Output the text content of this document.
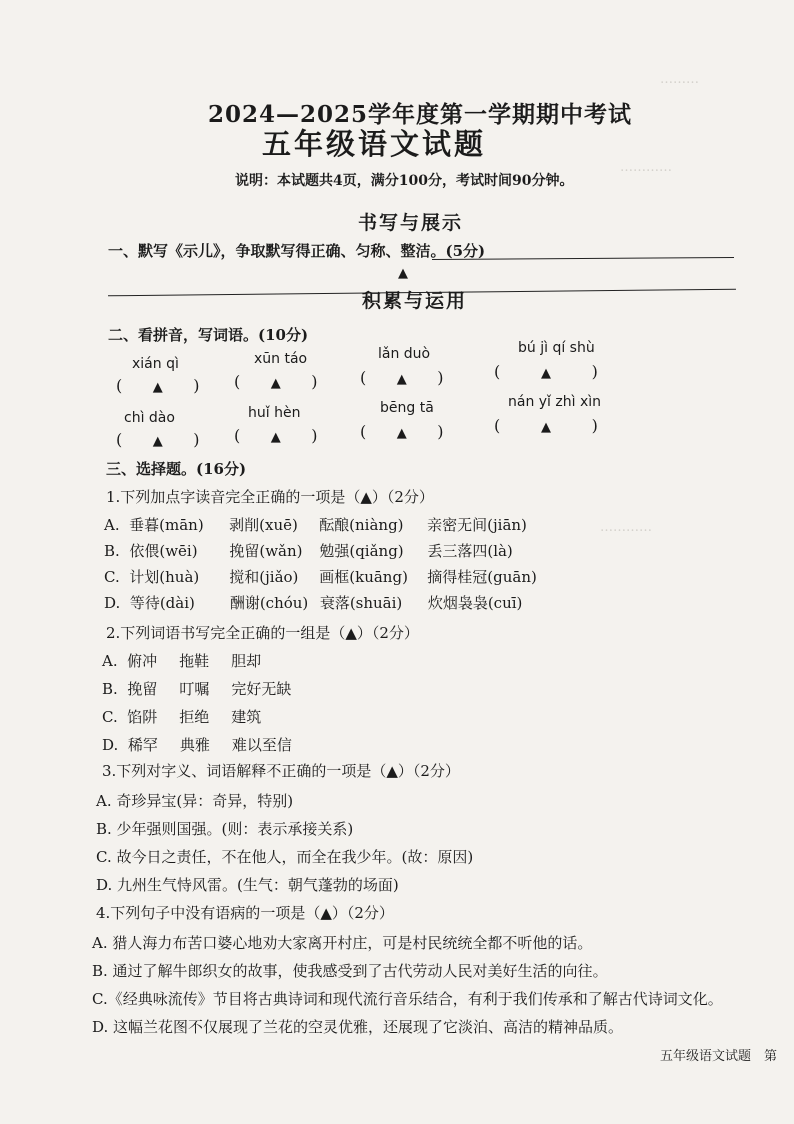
………
…………
…………
2024—2025学年度第一学期期中考试
五年级语文试题
说明：本试题共4页，满分100分，考试时间90分钟。
书写与展示
一、默写《示儿》，争取默写得正确、匀称、整洁。(5分)
▲
积累与运用
二、看拼音，写词语。(10分)
xián qì	xūn táo	lǎn duò	bú jì qí shù
(      ▲      ) (      ▲      )	(      ▲      )	(        ▲        )
chì dào	huǐ hèn	bēng tā	nán yǐ zhì xìn
(      ▲      ) (      ▲      )	(      ▲      )	(        ▲        )
三、选择题。(16分)
1.下列加点字读音完全正确的一项是（▲）（2分）
A. 垂暮(mān) 剥削(xuē) 酝酿(niàng) 亲密无间(jiān)
B. 依偎(wēi) 挽留(wǎn) 勉强(qiǎng) 丢三落四(là)
C. 计划(huà) 搅和(jiǎo) 画框(kuāng) 摘得桂冠(guān)
D. 等待(dài) 酬谢(chóu) 衰落(shuāi) 炊烟袅袅(cuī)
2.下列词语书写完全正确的一组是（▲）（2分）
A. 俯冲 拖鞋 胆却
B. 挽留 叮嘱 完好无缺
C. 馅阱 拒绝 建筑
D. 稀罕 典雅 难以至信
3.下列对字义、词语解释不正确的一项是（▲）（2分）
A. 奇珍异宝(异：奇异，特别)
B. 少年强则国强。(则：表示承接关系)
C. 故今日之责任，不在他人，而全在我少年。(故：原因)
D. 九州生气恃风雷。(生气：朝气蓬勃的场面)
4.下列句子中没有语病的一项是（▲）（2分）
A. 猎人海力布苦口婆心地劝大家离开村庄，可是村民统统全都不听他的话。
B. 通过了解牛郎织女的故事，使我感受到了古代劳动人民对美好生活的向往。
C.《经典咏流传》节目将古典诗词和现代流行音乐结合，有利于我们传承和了解古代诗词文化。
D. 这幅兰花图不仅展现了兰花的空灵优雅，还展现了它淡泊、高洁的精神品质。
五年级语文试题　第
